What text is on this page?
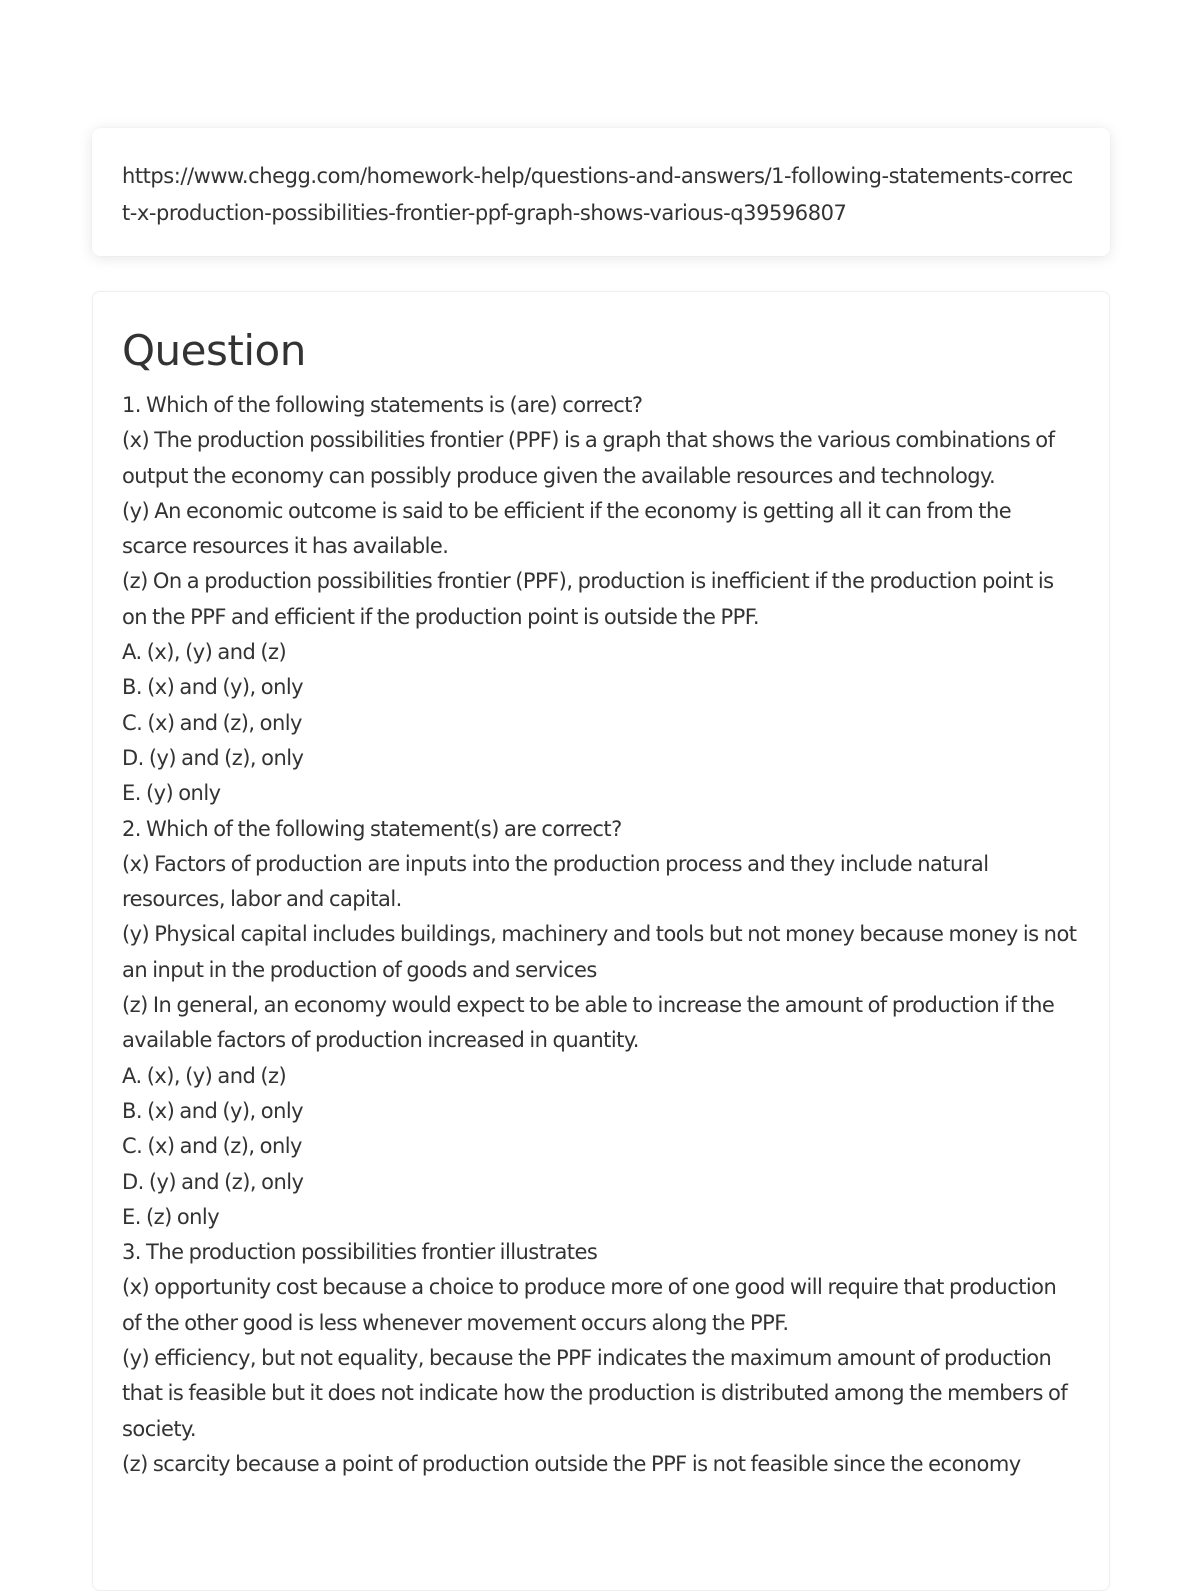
https://www.chegg.com/homework-help/questions-and-answers/1-following-statements-correct-x-production-possibilities-frontier-ppf-graph-shows-various-q39596807

Question
1. Which of the following statements is (are) correct?
(x) The production possibilities frontier (PPF) is a graph that shows the various combinations of output the economy can possibly produce given the available resources and technology.
(y) An economic outcome is said to be efficient if the economy is getting all it can from the scarce resources it has available.
(z) On a production possibilities frontier (PPF), production is inefficient if the production point is on the PPF and efficient if the production point is outside the PPF.
A. (x), (y) and (z)
B. (x) and (y), only
C. (x) and (z), only
D. (y) and (z), only
E. (y) only
2. Which of the following statement(s) are correct?
(x) Factors of production are inputs into the production process and they include natural resources, labor and capital.
(y) Physical capital includes buildings, machinery and tools but not money because money is not an input in the production of goods and services
(z) In general, an economy would expect to be able to increase the amount of production if the available factors of production increased in quantity.
A. (x), (y) and (z)
B. (x) and (y), only
C. (x) and (z), only
D. (y) and (z), only
E. (z) only
3. The production possibilities frontier illustrates
(x) opportunity cost because a choice to produce more of one good will require that production of the other good is less whenever movement occurs along the PPF.
(y) efficiency, but not equality, because the PPF indicates the maximum amount of production that is feasible but it does not indicate how the production is distributed among the members of society.
(z) scarcity because a point of production outside the PPF is not feasible since the economy
